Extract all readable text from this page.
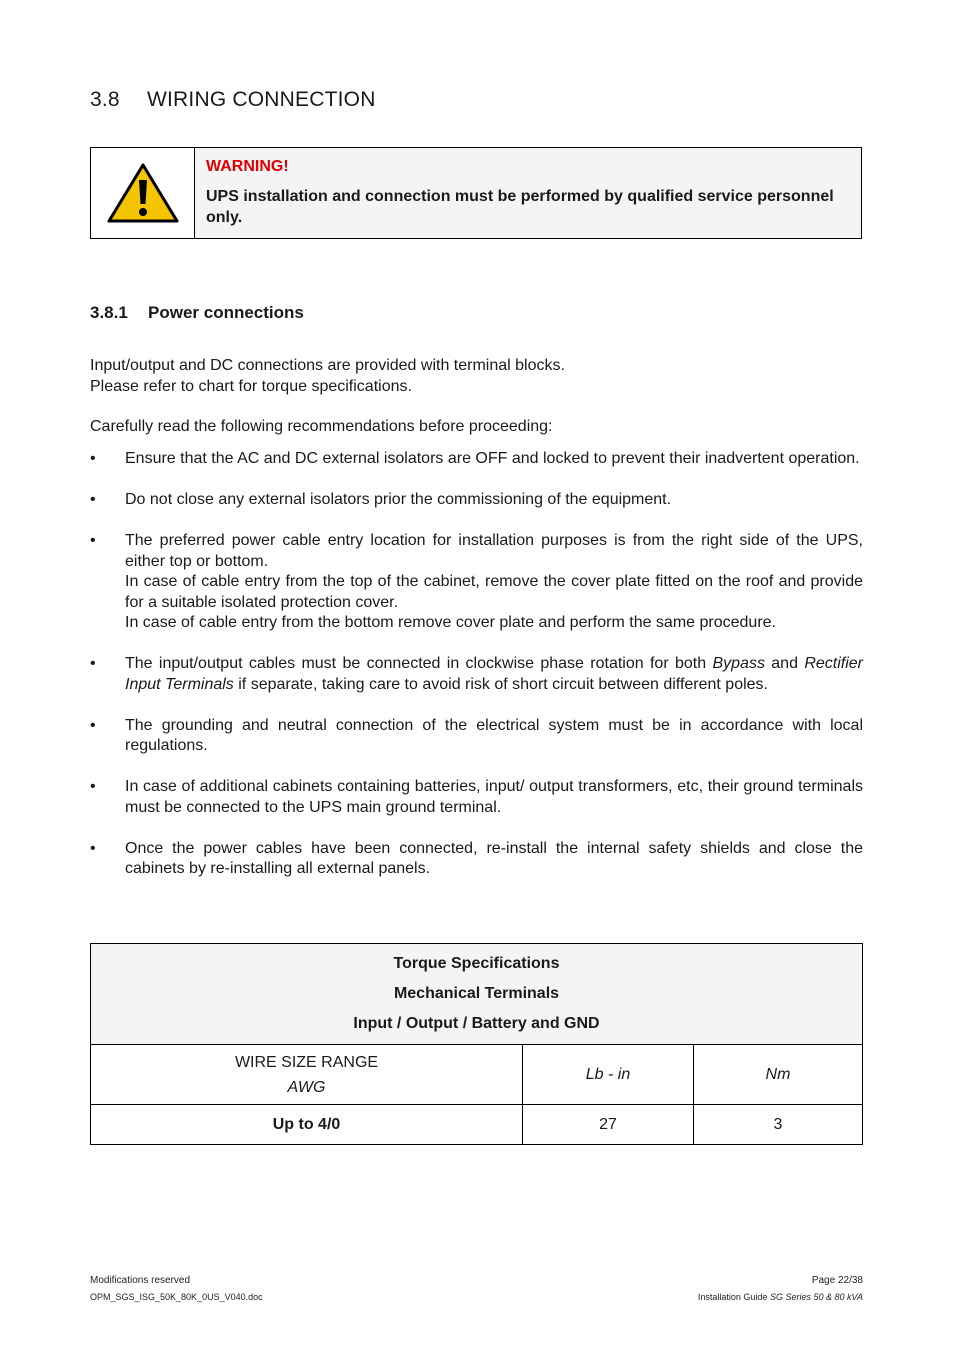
3.8 WIRING CONNECTION
WARNING!
UPS installation and connection must be performed by qualified service personnel only.
3.8.1 Power connections
Input/output and DC connections are provided with terminal blocks.
Please refer to chart for torque specifications.
Carefully read the following recommendations before proceeding:
• Ensure that the AC and DC external isolators are OFF and locked to prevent their inadvertent operation.
• Do not close any external isolators prior the commissioning of the equipment.
• The preferred power cable entry location for installation purposes is from the right side of the UPS, either top or bottom.
In case of cable entry from the top of the cabinet, remove the cover plate fitted on the roof and provide for a suitable isolated protection cover.
In case of cable entry from the bottom remove cover plate and perform the same procedure.
• The input/output cables must be connected in clockwise phase rotation for both Bypass and Rectifier Input Terminals if separate, taking care to avoid risk of short circuit between different poles.
• The grounding and neutral connection of the electrical system must be in accordance with local regulations.
• In case of additional cabinets containing batteries, input/ output transformers, etc, their ground terminals must be connected to the UPS main ground terminal.
• Once the power cables have been connected, re-install the internal safety shields and close the cabinets by re-installing all external panels.
Torque Specifications
Mechanical Terminals
Input / Output / Battery and GND		

WIRE SIZE RANGE
AWG	Lb - in	Nm
Up to 4/0	27	3
Modifications reserved
OPM_SGS_ISG_50K_80K_0US_V040.doc
Page 22/38
Installation Guide SG Series 50 & 80 kVA
